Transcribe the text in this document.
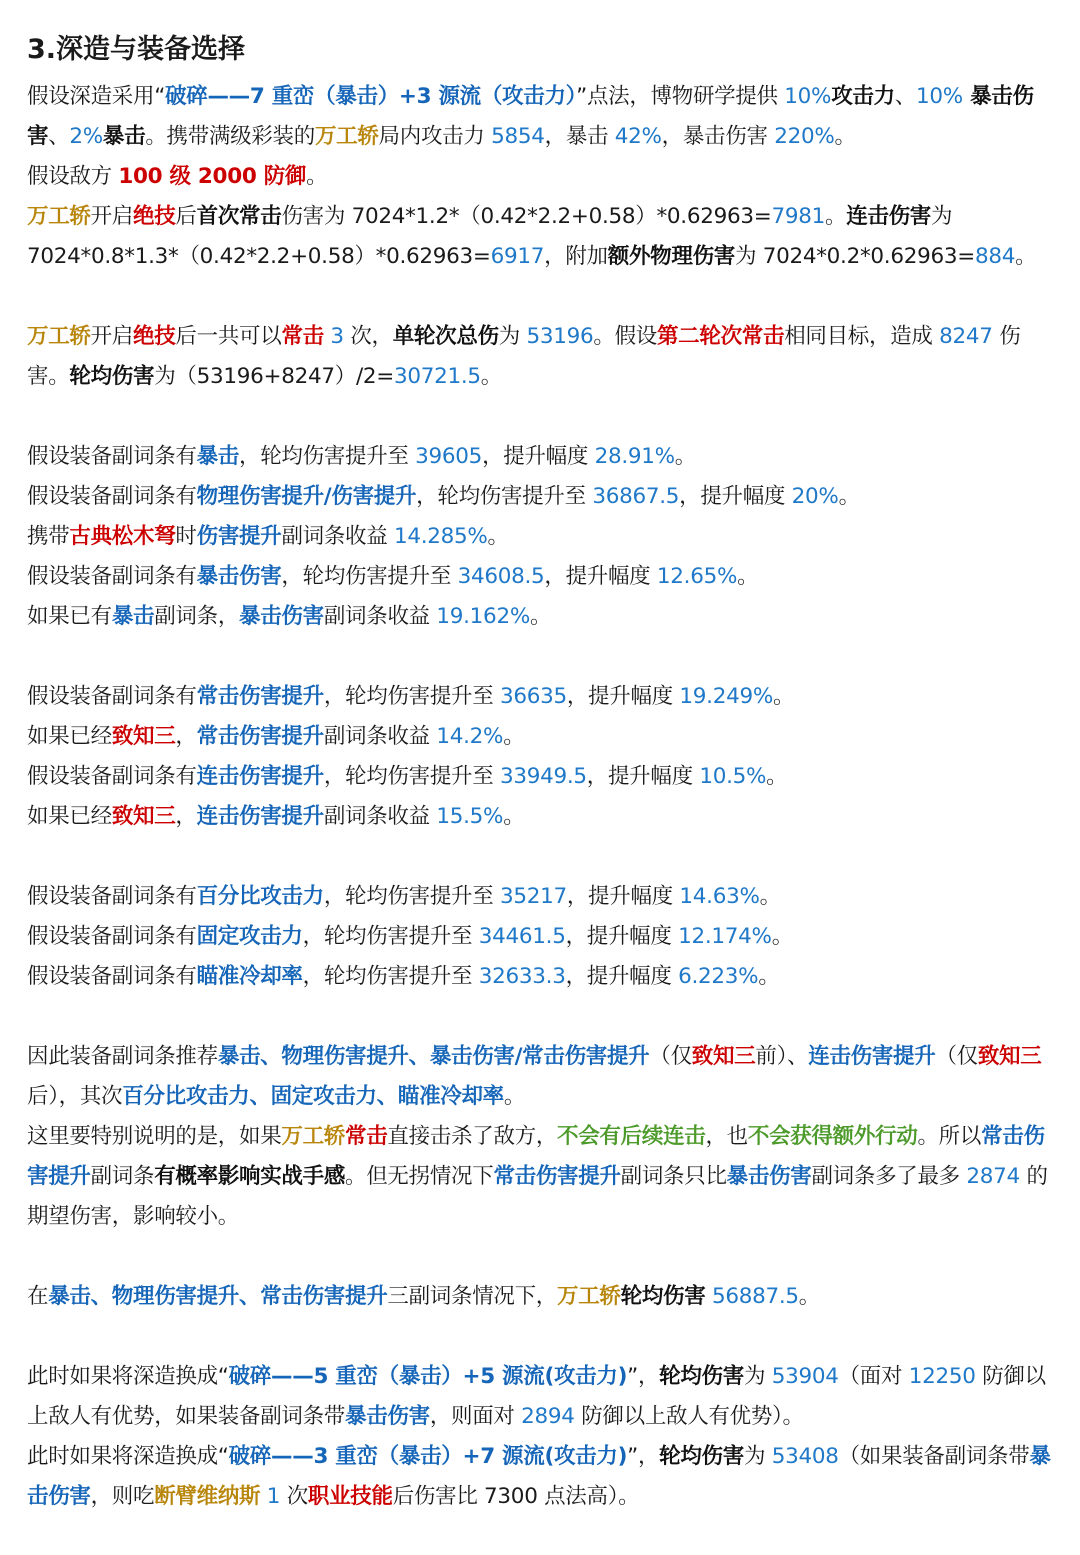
3.深造与装备选择

假设深造采用“破碎——7 重峦（暴击）+3 源流（攻击力）”点法，博物研学提供 10%攻击力、10% 暴击伤害、2%暴击。携带满级彩装的万工轿局内攻击力 5854，暴击 42%，暴击伤害 220%。

假设敌方 100 级 2000 防御。

万工轿开启绝技后首次常击伤害为 7024*1.2*（0.42*2.2+0.58）*0.62963=7981。连击伤害为 7024*0.8*1.3*（0.42*2.2+0.58）*0.62963=6917，附加额外物理伤害为 7024*0.2*0.62963=884。

万工轿开启绝技后一共可以常击 3 次，单轮次总伤为 53196。假设第二轮次常击相同目标，造成 8247 伤害。轮均伤害为（53196+8247）/2=30721.5。

假设装备副词条有暴击，轮均伤害提升至 39605，提升幅度 28.91%。

假设装备副词条有物理伤害提升/伤害提升，轮均伤害提升至 36867.5，提升幅度 20%。

携带古典松木弩时伤害提升副词条收益 14.285%。

假设装备副词条有暴击伤害，轮均伤害提升至 34608.5，提升幅度 12.65%。

如果已有暴击副词条，暴击伤害副词条收益 19.162%。

假设装备副词条有常击伤害提升，轮均伤害提升至 36635，提升幅度 19.249%。

如果已经致知三，常击伤害提升副词条收益 14.2%。

假设装备副词条有连击伤害提升，轮均伤害提升至 33949.5，提升幅度 10.5%。

如果已经致知三，连击伤害提升副词条收益 15.5%。

假设装备副词条有百分比攻击力，轮均伤害提升至 35217，提升幅度 14.63%。

假设装备副词条有固定攻击力，轮均伤害提升至 34461.5，提升幅度 12.174%。

假设装备副词条有瞄准冷却率，轮均伤害提升至 32633.3，提升幅度 6.223%。

因此装备副词条推荐暴击、物理伤害提升、暴击伤害/常击伤害提升（仅致知三前）、连击伤害提升（仅致知三后），其次百分比攻击力、固定攻击力、瞄准冷却率。

这里要特别说明的是，如果万工轿常击直接击杀了敌方，不会有后续连击，也不会获得额外行动。所以常击伤害提升副词条有概率影响实战手感。但无拐情况下常击伤害提升副词条只比暴击伤害副词条多了最多 2874 的期望伤害，影响较小。

在暴击、物理伤害提升、常击伤害提升三副词条情况下，万工轿轮均伤害 56887.5。

此时如果将深造换成“破碎——5 重峦（暴击）+5 源流(攻击力)”，轮均伤害为 53904（面对 12250 防御以上敌人有优势，如果装备副词条带暴击伤害，则面对 2894 防御以上敌人有优势）。

此时如果将深造换成“破碎——3 重峦（暴击）+7 源流(攻击力)”，轮均伤害为 53408（如果装备副词条带暴击伤害，则吃断臂维纳斯 1 次职业技能后伤害比 7300 点法高）。
